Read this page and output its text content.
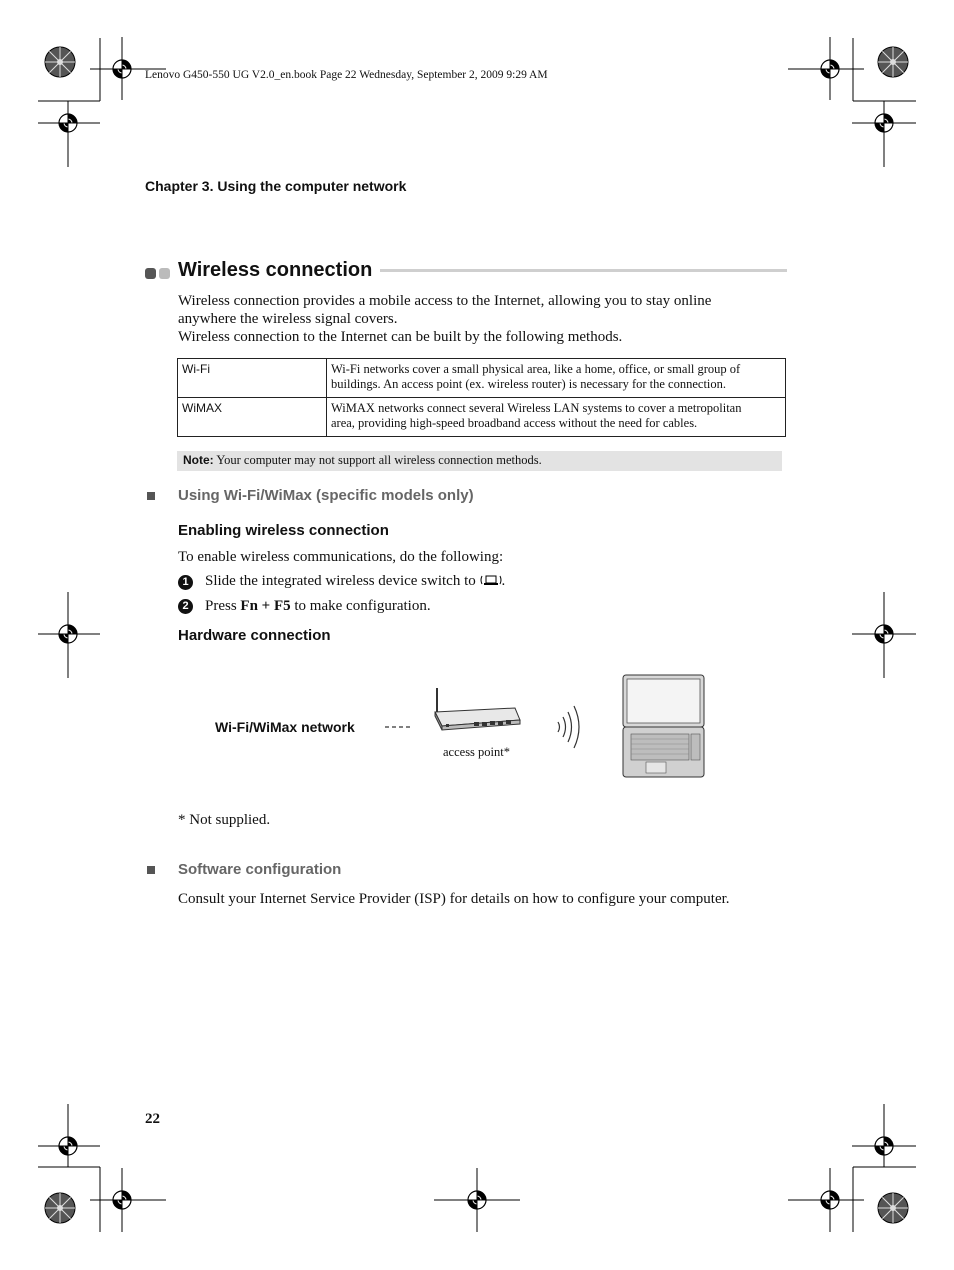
Lenovo G450-550 UG V2.0_en.book Page 22 Wednesday, September 2, 2009 9:29 AM
Chapter 3. Using the computer network
Wireless connection
Wireless connection provides a mobile access to the Internet, allowing you to stay online
anywhere the wireless signal covers.
Wireless connection to the Internet can be built by the following methods.
Wi-Fi	Wi-Fi networks cover a small physical area, like a home, office, or small group of
buildings. An access point (ex. wireless router) is necessary for the connection.

WiMAX	WiMAX networks connect several Wireless LAN systems to cover a metropolitan
area, providing high-speed broadband access without the need for cables.
Note: Your computer may not support all wireless connection methods.
Using Wi-Fi/WiMax (specific models only)
Enabling wireless connection
To enable wireless communications, do the following:
1 Slide the integrated wireless device switch to .
2 Press Fn + F5 to make configuration.
Hardware connection
Wi-Fi/WiMax network
access point*
* Not supplied.
Software configuration
Consult your Internet Service Provider (ISP) for details on how to configure your computer.
22
